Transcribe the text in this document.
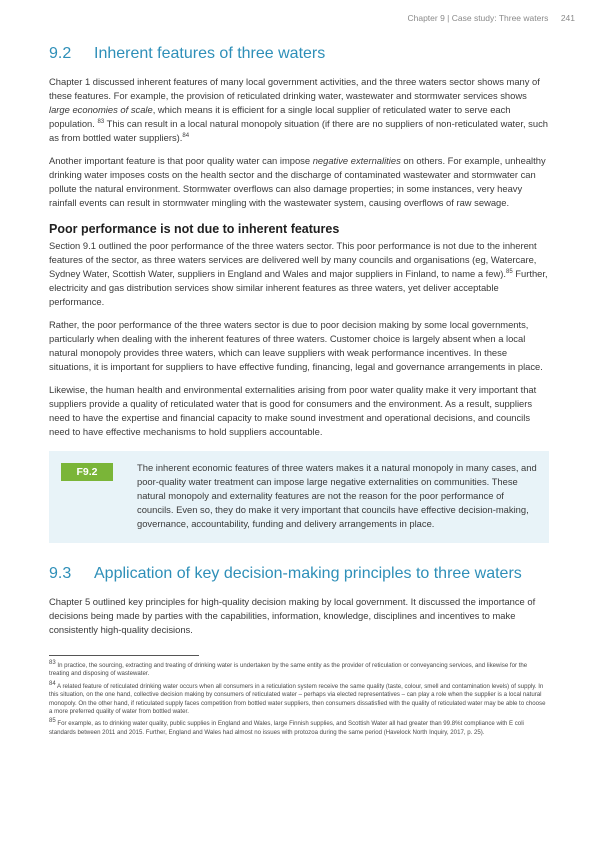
Chapter 9 | Case study: Three waters 241
9.2 Inherent features of three waters

Chapter 1 discussed inherent features of many local government activities, and the three waters sector shows many of these features. For example, the provision of reticulated drinking water, wastewater and stormwater services shows large economies of scale, which means it is efficient for a single local supplier of reticulated water to serve each population. $^{83}$ This can result in a local natural monopoly situation (if there are no suppliers of non-reticulated water, such as from bottled water suppliers).$^{84}$

Another important feature is that poor quality water can impose negative externalities on others. For example, unhealthy drinking water imposes costs on the health sector and the discharge of contaminated wastewater and stormwater can pollute the natural environment. Stormwater overflows can also damage properties; in some instances, very heavy rainfall events can result in stormwater mingling with the wastewater system, causing overflows of raw sewage.

Poor performance is not due to inherent features

Section 9.1 outlined the poor performance of the three waters sector. This poor performance is not due to the inherent features of the sector, as three waters services are delivered well by many councils and organisations (eg, Watercare, Sydney Water, Scottish Water, suppliers in England and Wales and major suppliers in Finland, to name a few).$^{85}$ Further, electricity and gas distribution services show similar inherent features as three waters, yet deliver acceptable performance.

Rather, the poor performance of the three waters sector is due to poor decision making by some local governments, particularly when dealing with the inherent features of three waters. Customer choice is largely absent when a local natural monopoly provides three waters, which can leave suppliers with weak performance incentives. In these situations, it is important for suppliers to have effective funding, financing, legal and governance arrangements in place.

Likewise, the human health and environmental externalities arising from poor water quality make it very important that suppliers provide a quality of reticulated water that is good for consumers and the environment. As a result, suppliers need to have the expertise and financial capacity to make sound investment and operational decisions, and councils need to have effective mechanisms to hold suppliers accountable.

F9.2	The inherent economic features of three waters makes it a natural monopoly in many cases, and poor-quality water treatment can impose large negative externalities on communities. These natural monopoly and externality features are not the reason for the poor performance of councils. Even so, they do make it very important that councils have effective decision-making, governance, accountability, funding and delivery arrangements in place.

9.3 Application of key decision-making principles to three waters

Chapter 5 outlined key principles for high-quality decision making by local government. It discussed the importance of decisions being made by parties with the capabilities, information, knowledge, disciplines and incentives to make consistently high-quality decisions.

$^{83}$ In practice, the sourcing, extracting and treating of drinking water is undertaken by the same entity as the provider of reticulation or conveyancing services, and likewise for the treating and disposing of wastewater.
$^{84}$ A related feature of reticulated drinking water occurs when all consumers in a reticulation system receive the same quality (taste, colour, smell and contamination levels) of supply. In this situation, on the one hand, collective decision making by consumers of reticulated water – perhaps via elected representatives – can play a role when the supplier is a local natural monopoly. On the other hand, if reticulated supply faces competition from bottled water suppliers, then consumers dissatisfied with the quality of reticulated water may be able to choose a more preferred quality of water from bottled water.
$^{85}$ For example, as to drinking water quality, public supplies in England and Wales, large Finnish supplies, and Scottish Water all had greater than 99.8%t compliance with E coli standards between 2011 and 2015. Further, England and Wales had almost no issues with protozoa during the same period (Havelock North Inquiry, 2017, p. 25).
